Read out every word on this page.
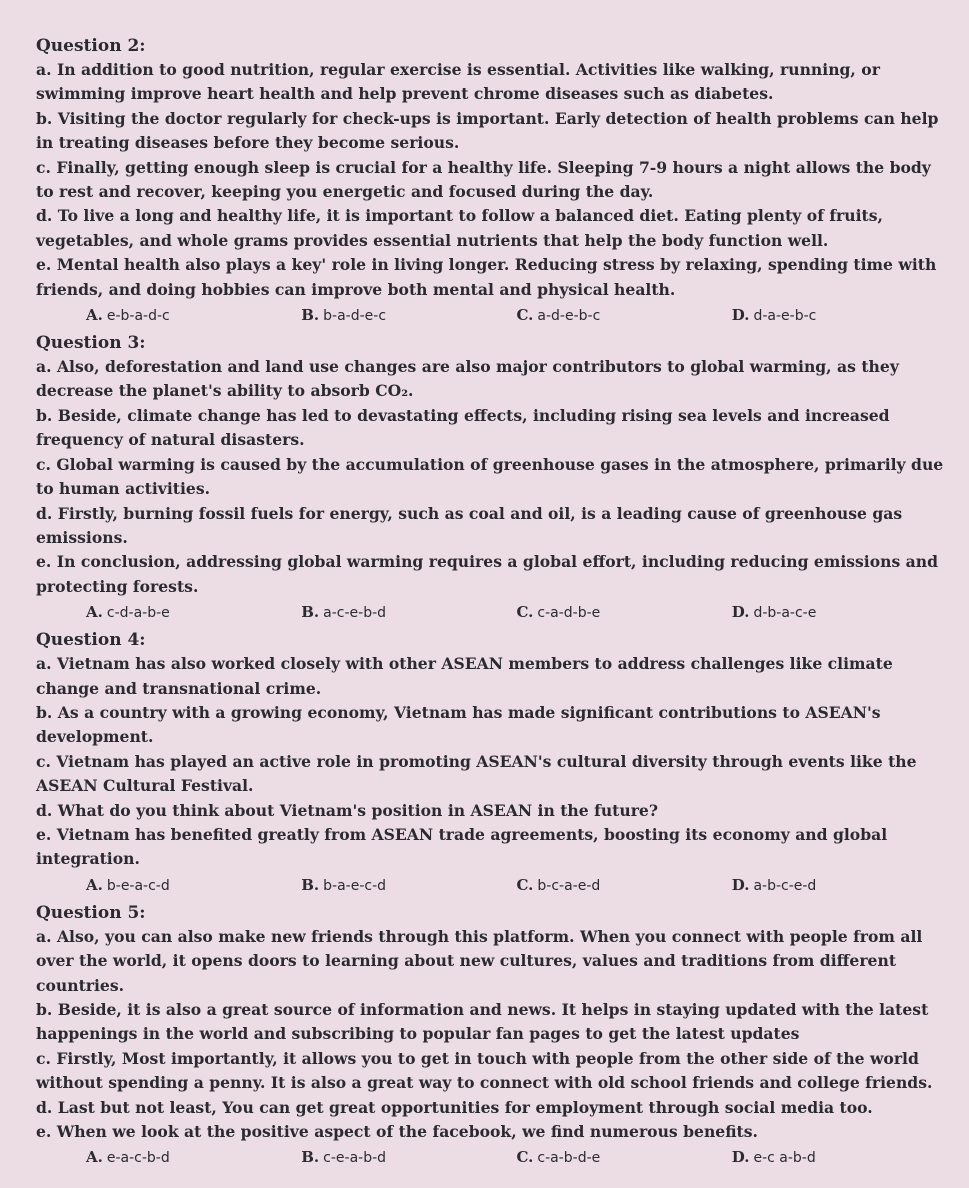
Question 2:

a. In addition to good nutrition, regular exercise is essential. Activities like walking, running, or swimming improve heart health and help prevent chrome diseases such as diabetes.

b. Visiting the doctor regularly for check-ups is important. Early detection of health problems can help in treating diseases before they become serious.

c. Finally, getting enough sleep is crucial for a healthy life. Sleeping 7-9 hours a night allows the body to rest and recover, keeping you energetic and focused during the day.

d. To live a long and healthy life, it is important to follow a balanced diet. Eating plenty of fruits, vegetables, and whole grams provides essential nutrients that help the body function well.

e. Mental health also plays a key' role in living longer. Reducing stress by relaxing, spending time with friends, and doing hobbies can improve both mental and physical health.

A. e-b-a-d-c	B. b-a-d-e-c	C. a-d-e-b-c	D. d-a-e-b-c

Question 3:

a. Also, deforestation and land use changes are also major contributors to global warming, as they decrease the planet's ability to absorb CO₂.

b. Beside, climate change has led to devastating effects, including rising sea levels and increased frequency of natural disasters.

c. Global warming is caused by the accumulation of greenhouse gases in the atmosphere, primarily due to human activities.

d. Firstly, burning fossil fuels for energy, such as coal and oil, is a leading cause of greenhouse gas emissions.

e. In conclusion, addressing global warming requires a global effort, including reducing emissions and protecting forests.

A. c-d-a-b-e	B. a-c-e-b-d	C. c-a-d-b-e	D. d-b-a-c-e

Question 4:

a. Vietnam has also worked closely with other ASEAN members to address challenges like climate change and transnational crime.

b. As a country with a growing economy, Vietnam has made significant contributions to ASEAN's development.

c. Vietnam has played an active role in promoting ASEAN's cultural diversity through events like the ASEAN Cultural Festival.

d. What do you think about Vietnam's position in ASEAN in the future?

e. Vietnam has benefited greatly from ASEAN trade agreements, boosting its economy and global integration.

A. b-e-a-c-d	B. b-a-e-c-d	C. b-c-a-e-d	D. a-b-c-e-d

Question 5:

a. Also, you can also make new friends through this platform. When you connect with people from all over the world, it opens doors to learning about new cultures, values and traditions from different countries.

b. Beside, it is also a great source of information and news. It helps in staying updated with the latest happenings in the world and subscribing to popular fan pages to get the latest updates

c. Firstly, Most importantly, it allows you to get in touch with people from the other side of the world without spending a penny. It is also a great way to connect with old school friends and college friends.

d. Last but not least, You can get great opportunities for employment through social media too.

e. When we look at the positive aspect of the facebook, we find numerous benefits.

A. e-a-c-b-d	B. c-e-a-b-d	C. c-a-b-d-e	D. e-c a-b-d
